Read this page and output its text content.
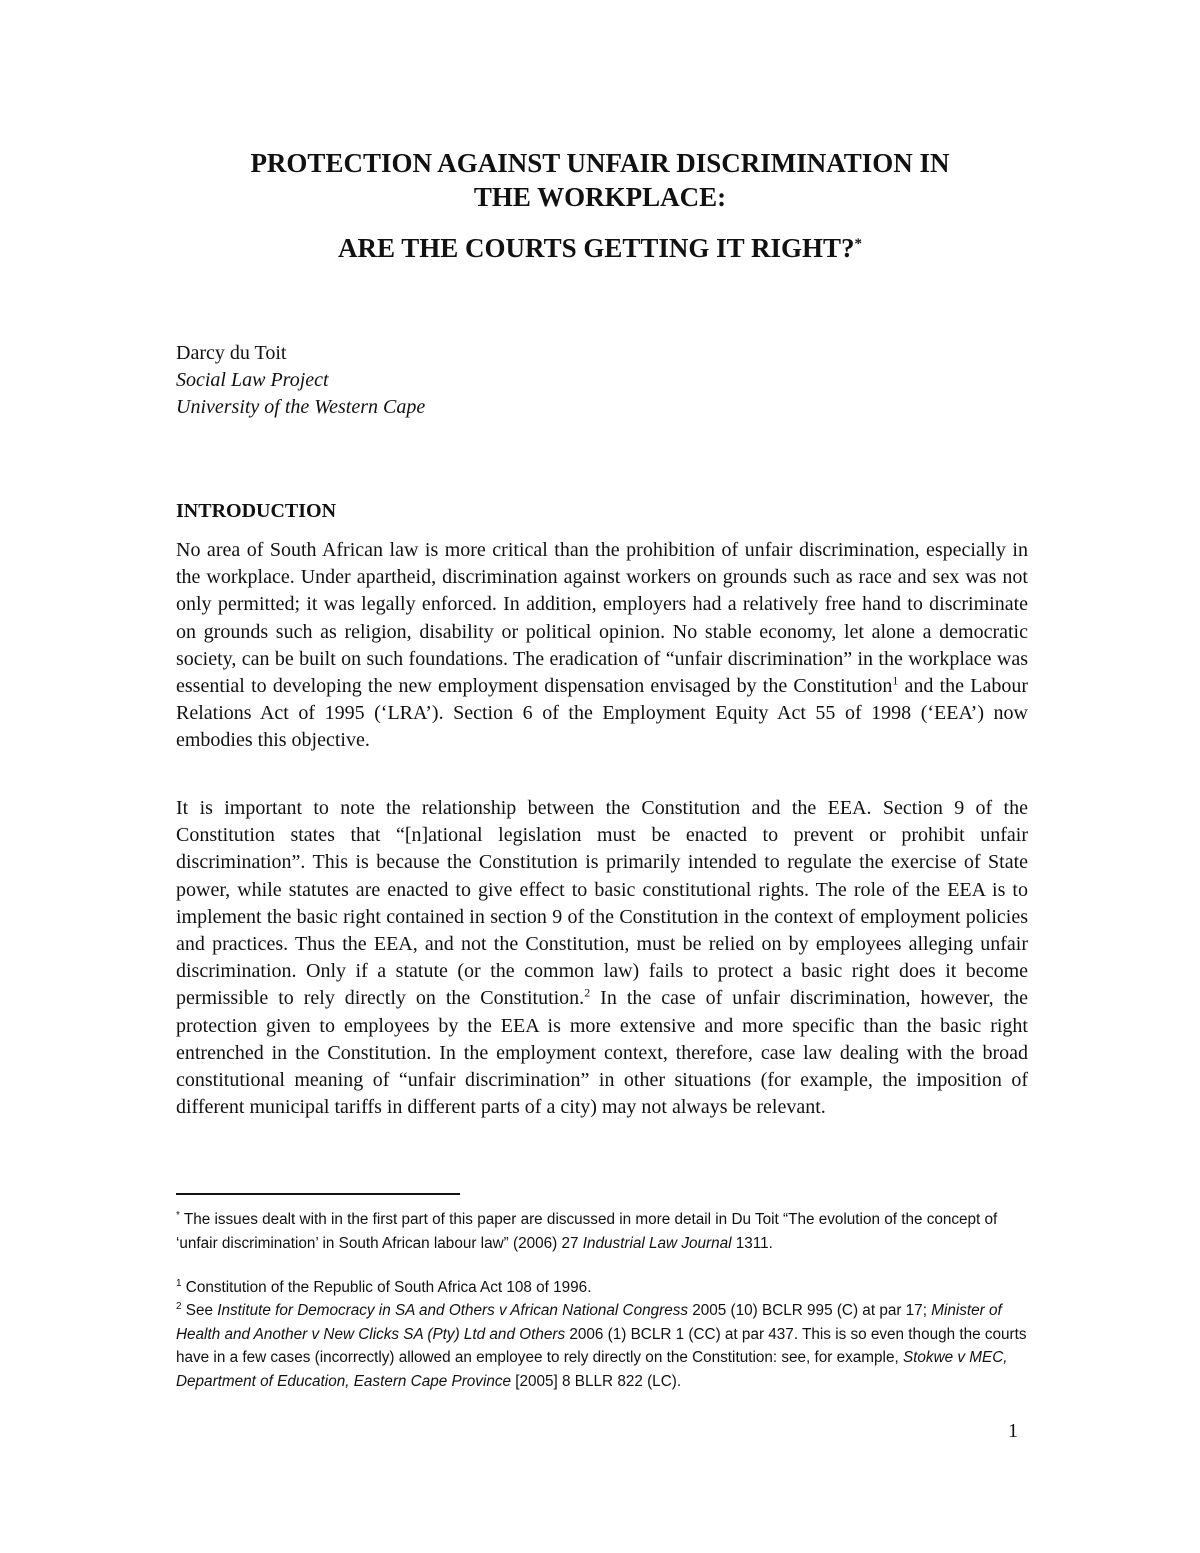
PROTECTION AGAINST UNFAIR DISCRIMINATION IN
THE WORKPLACE:
ARE THE COURTS GETTING IT RIGHT?*
Darcy du Toit
Social Law Project
University of the Western Cape
INTRODUCTION

No area of South African law is more critical than the prohibition of unfair discrimination, especially in the workplace. Under apartheid, discrimination against workers on grounds such as race and sex was not only permitted; it was legally enforced. In addition, employers had a relatively free hand to discriminate on grounds such as religion, disability or political opinion. No stable economy, let alone a democratic society, can be built on such foundations. The eradication of “unfair discrimination” in the workplace was essential to developing the new employment dispensation envisaged by the Constitution$^1$ and the Labour Relations Act of 1995 (‘LRA’). Section 6 of the Employment Equity Act 55 of 1998 (‘EEA’) now embodies this objective.

It is important to note the relationship between the Constitution and the EEA. Section 9 of the Constitution states that “[n]ational legislation must be enacted to prevent or prohibit unfair discrimination”. This is because the Constitution is primarily intended to regulate the exercise of State power, while statutes are enacted to give effect to basic constitutional rights. The role of the EEA is to implement the basic right contained in section 9 of the Constitution in the context of employment policies and practices. Thus the EEA, and not the Constitution, must be relied on by employees alleging unfair discrimination. Only if a statute (or the common law) fails to protect a basic right does it become permissible to rely directly on the Constitution.$^2$ In the case of unfair discrimination, however, the protection given to employees by the EEA is more extensive and more specific than the basic right entrenched in the Constitution. In the employment context, therefore, case law dealing with the broad constitutional meaning of “unfair discrimination” in other situations (for example, the imposition of different municipal tariffs in different parts of a city) may not always be relevant.

* The issues dealt with in the first part of this paper are discussed in more detail in Du Toit “The evolution of the concept of ‘unfair discrimination’ in South African labour law” (2006) 27 Industrial Law Journal 1311.

$^1$ Constitution of the Republic of South Africa Act 108 of 1996.

$^2$ See Institute for Democracy in SA and Others v African National Congress 2005 (10) BCLR 995 (C) at par 17; Minister of Health and Another v New Clicks SA (Pty) Ltd and Others 2006 (1) BCLR 1 (CC) at par 437. This is so even though the courts have in a few cases (incorrectly) allowed an employee to rely directly on the Constitution: see, for example, Stokwe v MEC, Department of Education, Eastern Cape Province [2005] 8 BLLR 822 (LC).

1
